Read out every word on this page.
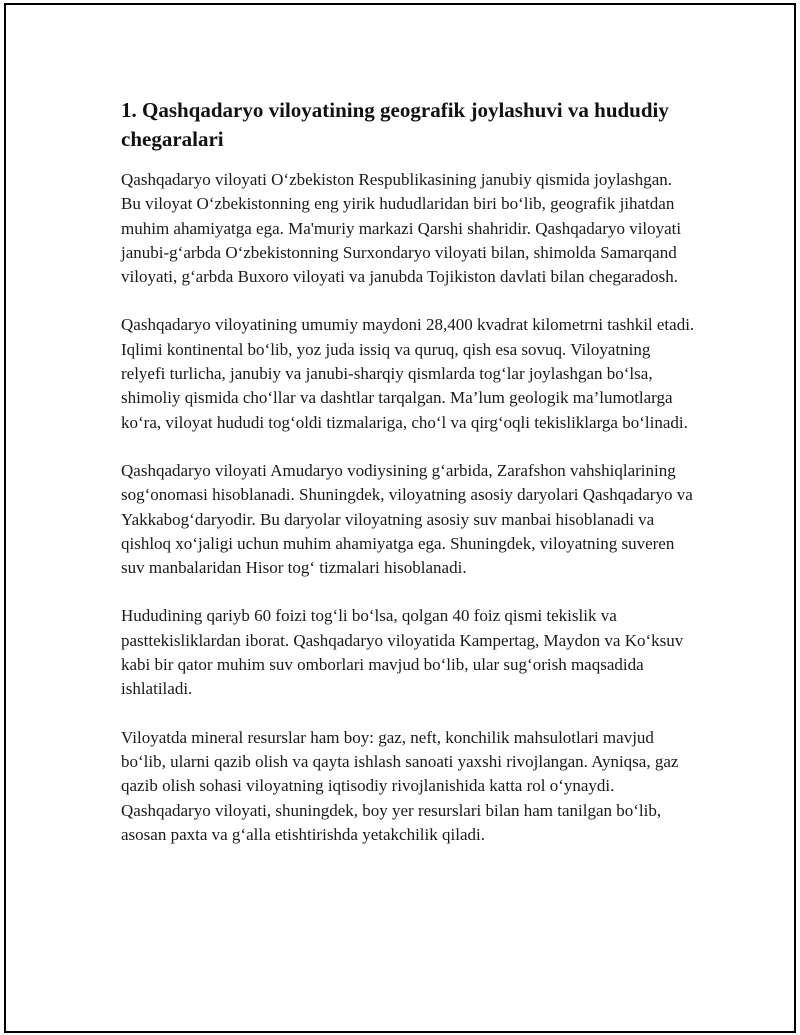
1. Qashqadaryo viloyatining geografik joylashuvi va hududiy chegaralari

Qashqadaryo viloyati O‘zbekiston Respublikasining janubiy qismida joylashgan. Bu viloyat O‘zbekistonning eng yirik hududlaridan biri bo‘lib, geografik jihatdan muhim ahamiyatga ega. Ma'muriy markazi Qarshi shahridir. Qashqadaryo viloyati janubi-g‘arbda O‘zbekistonning Surxondaryo viloyati bilan, shimolda Samarqand viloyati, g‘arbda Buxoro viloyati va janubda Tojikiston davlati bilan chegaradosh.

Qashqadaryo viloyatining umumiy maydoni 28,400 kvadrat kilometrni tashkil etadi. Iqlimi kontinental bo‘lib, yoz juda issiq va quruq, qish esa sovuq. Viloyatning relyefi turlicha, janubiy va janubi-sharqiy qismlarda tog‘lar joylashgan bo‘lsa, shimoliy qismida cho‘llar va dashtlar tarqalgan. Ma’lum geologik ma’lumotlarga ko‘ra, viloyat hududi tog‘oldi tizmalariga, cho‘l va qirg‘oqli tekisliklarga bo‘linadi.

Qashqadaryo viloyati Amudaryo vodiysining g‘arbida, Zarafshon vahshiqlarining sog‘onomasi hisoblanadi. Shuningdek, viloyatning asosiy daryolari Qashqadaryo va Yakkabog‘daryodir. Bu daryolar viloyatning asosiy suv manbai hisoblanadi va qishloq xo‘jaligi uchun muhim ahamiyatga ega. Shuningdek, viloyatning suveren suv manbalaridan Hisor tog‘ tizmalari hisoblanadi.

Hududining qariyb 60 foizi tog‘li bo‘lsa, qolgan 40 foiz qismi tekislik va pasttekisliklardan iborat. Qashqadaryo viloyatida Kampertag, Maydon va Ko‘ksuv kabi bir qator muhim suv omborlari mavjud bo‘lib, ular sug‘orish maqsadida ishlatiladi.

Viloyatda mineral resurslar ham boy: gaz, neft, konchilik mahsulotlari mavjud bo‘lib, ularni qazib olish va qayta ishlash sanoati yaxshi rivojlangan. Ayniqsa, gaz qazib olish sohasi viloyatning iqtisodiy rivojlanishida katta rol o‘ynaydi. Qashqadaryo viloyati, shuningdek, boy yer resurslari bilan ham tanilgan bo‘lib, asosan paxta va g‘alla etishtirishda yetakchilik qiladi.
